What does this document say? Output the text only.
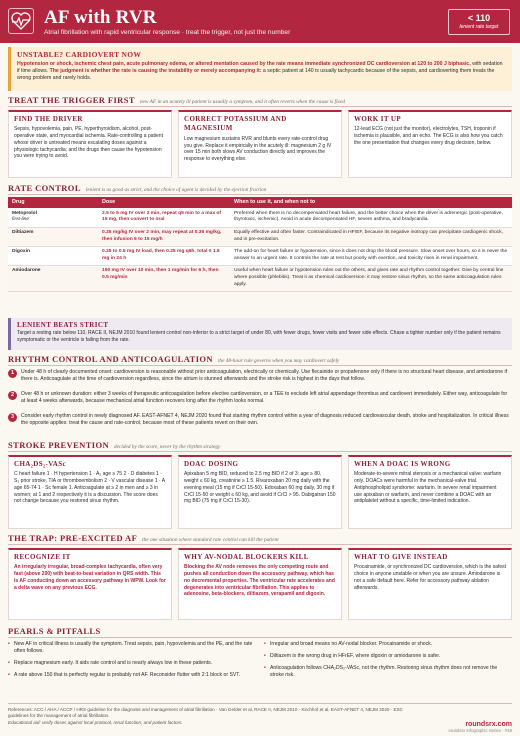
AF with RVR
Atrial fibrillation with rapid ventricular response · treat the trigger, not just the number
< 110
lenient rate target
UNSTABLE? CARDIOVERT NOW

Hypotension or shock, ischemic chest pain, acute pulmonary edema, or altered mentation caused by the rate means immediate synchronized DC cardioversion at 120 to 200 J biphasic, with sedation if time allows. The judgment is whether the rate is causing the instability or merely accompanying it: a septic patient at 140 is usually tachycardic because of the sepsis, and cardioverting them treats the wrong problem and rarely holds.

TREAT THE TRIGGER FIRST new AF in an acutely ill patient is usually a symptom, and it often reverts when the cause is fixed
FIND THE DRIVER

Sepsis, hypovolemia, pain, PE, hyperthyroidism, alcohol, post-operative state, and myocardial ischemia. Rate-controlling a patient whose driver is untreated means escalating doses against a physiologic tachycardia; and the drugs then cause the hypotension you were trying to avoid.

CORRECT POTASSIUM AND MAGNESIUM

Low magnesium sustains RVR and blunts every rate-control drug you give. Replace it empirically in the acutely ill: magnesium 2 g IV over 15 min both slows AV conduction directly and improves the response to everything else.

WORK IT UP

12-lead ECG (not just the monitor), electrolytes, TSH, troponin if ischemia is plausible, and an echo. The ECG is also how you catch the one presentation that changes every drug decision, below.

RATE CONTROL lenient is as good as strict, and the choice of agent is decided by the ejection fraction
Drug	Dose	When to use it, and when not to
Metoprolol
first-line	2.5 to 5 mg IV over 2 min, repeat q5 min to a max of 15 mg, then convert to oral	Preferred when there is no decompensated heart failure, and the better choice when the driver is adrenergic (post-operative, thyrotoxic, ischemic). Avoid in acute decompensated HF, severe asthma, and bradycardia.
Diltiazem	0.25 mg/kg IV over 2 min, may repeat at 0.35 mg/kg, then infusion 5 to 15 mg/h	Equally effective and often faster. Contraindicated in HFrEF, because its negative inotropy can precipitate cardiogenic shock, and in pre-excitation.
Digoxin	0.25 to 0.5 mg IV load, then 0.25 mg q6h, total ≤ 1.5 mg in 24 h	The add-on for heart failure or hypotension, since it does not drop the blood pressure. Slow onset over hours, so it is never the answer to an urgent rate. It controls the rate at rest but poorly with exertion, and toxicity rises in renal impairment.
Amiodarone	150 mg IV over 10 min, then 1 mg/min for 6 h, then 0.5 mg/min	Useful when heart failure or hypotension rules out the others, and gives rate and rhythm control together. Give by central line where possible (phlebitis). Treat it as chemical cardioversion: it may restore sinus rhythm, so the same anticoagulation rules apply.
LENIENT BEATS STRICT

Target a resting rate below 110. RACE II, NEJM 2010 found lenient control non-inferior to a strict target of under 80, with fewer drugs, fewer visits and fewer side effects. Chase a tighter number only if the patient remains symptomatic or the ventricle is failing from the rate.

RHYTHM CONTROL AND ANTICOAGULATION the 48-hour rule governs when you may cardiovert safely
1	Under 48 h of clearly documented onset: cardioversion is reasonable without prior anticoagulation, electrically or chemically. Use flecainide or propafenone only if there is no structural heart disease, and amiodarone if there is. Anticoagulate at the time of cardioversion regardless, since the atrium is stunned afterwards and the stroke risk is highest in the days that follow.
2	Over 48 h or unknown duration: either 3 weeks of therapeutic anticoagulation before elective cardioversion, or a TEE to exclude left atrial appendage thrombus and cardiovert immediately. Either way, anticoagulate for at least 4 weeks afterwards, because mechanical atrial function recovers long after the rhythm looks normal.
3	Consider early rhythm control in newly diagnosed AF. EAST-AFNET 4, NEJM 2020 found that starting rhythm control within a year of diagnosis reduced cardiovascular death, stroke and hospitalization. In critical illness the opposite applies: treat the cause and rate-control, because most of these patients revert on their own.
STROKE PREVENTION decided by the score, never by the rhythm strategy
CHA₂DS₂-VASc

C heart failure 1 · H hypertension 1 · A₂ age ≥ 75 2 · D diabetes 1 · S₂ prior stroke, TIA or thromboembolism 2 · V vascular disease 1 · A age 65-74 1 · Sc female 1. Anticoagulate at ≥ 2 in men and ≥ 3 in women; at 1 and 2 respectively it is a discussion. The score does not change because you restored sinus rhythm.

DOAC DOSING

Apixaban 5 mg BID, reduced to 2.5 mg BID if 2 of 3: age ≥ 80, weight ≤ 60 kg, creatinine ≥ 1.5. Rivaroxaban 20 mg daily with the evening meal (15 mg if CrCl 15-50). Edoxaban 60 mg daily, 30 mg if CrCl 15-50 or weight ≤ 60 kg, and avoid if CrCl > 95. Dabigatran 150 mg BID (75 mg if CrCl 15-30).

WHEN A DOAC IS WRONG

Moderate-to-severe mitral stenosis or a mechanical valve: warfarin only. DOACs were harmful in the mechanical-valve trial. Antiphospholipid syndrome: warfarin. In severe renal impairment use apixaban or warfarin, and never combine a DOAC with an antiplatelet without a specific, time-limited indication.

THE TRAP: PRE-EXCITED AF the one situation where standard rate control can kill the patient
RECOGNIZE IT

An irregularly irregular, broad-complex tachycardia, often very fast (above 200) with beat-to-beat variation in QRS width. This is AF conducting down an accessory pathway in WPW. Look for a delta wave on any previous ECG.

WHY AV-NODAL BLOCKERS KILL

Blocking the AV node removes the only competing route and pushes all conduction down the accessory pathway, which has no decremental properties. The ventricular rate accelerates and degenerates into ventricular fibrillation. This applies to adenosine, beta-blockers, diltiazem, verapamil and digoxin.

WHAT TO GIVE INSTEAD

Procainamide, or synchronized DC cardioversion, which is the safest choice in anyone unstable or when you are unsure. Amiodarone is not a safe default here. Refer for accessory pathway ablation afterwards.

PEARLS & PITFALLS
• New AF in critical illness is usually the symptom. Treat sepsis, pain, hypovolemia and the PE, and the rate often follows.
• Replace magnesium early. It aids rate control and is nearly always low in these patients.
• A rate above 150 that is perfectly regular is probably not AF. Reconsider flutter with 2:1 block or SVT.
• Irregular and broad means no AV-nodal blocker. Procainamide or shock.
• Diltiazem is the wrong drug in HFrEF, where digoxin or amiodarone is safer.
• Anticoagulation follows CHA₂DS₂-VASc, not the rhythm. Restoring sinus rhythm does not remove the stroke risk.
References: ACC / AHA / ACCP / HRS guideline for the diagnosis and management of atrial fibrillation · Van Gelder et al, RACE II, NEJM 2010 · Kirchhof et al, EAST-AFNET 4, NEJM 2020 · ESC guidelines for the management of atrial fibrillation.
Educational aid: verify doses against local protocol, renal function, and patient factors.	roundsrx.com
roundsrx Infographic Series · #48
